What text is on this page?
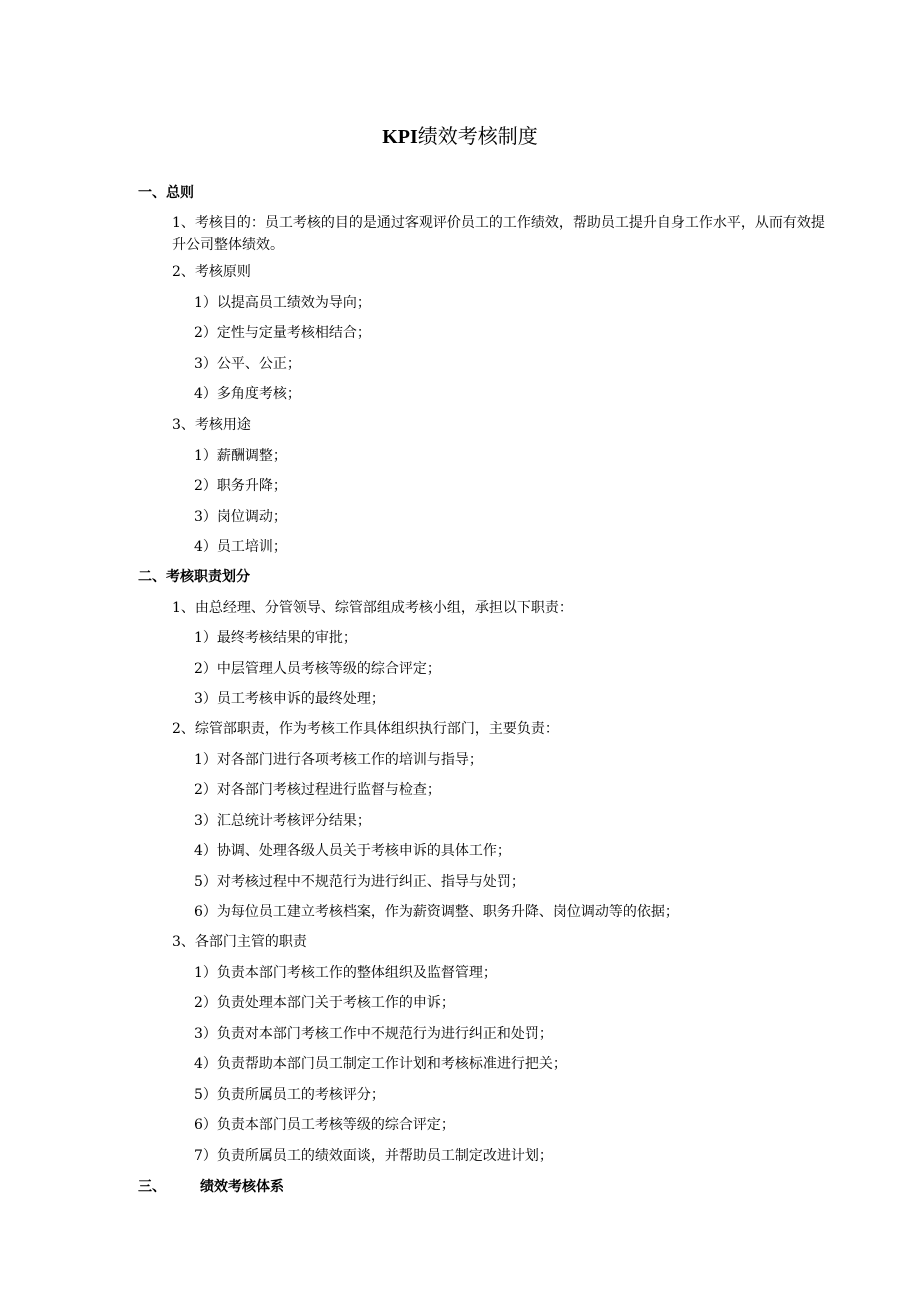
KPI绩效考核制度
一、总则
1、考核目的：员工考核的目的是通过客观评价员工的工作绩效，帮助员工提升自身工作水平，从而有效提升公司整体绩效。
2、考核原则
1）以提高员工绩效为导向；
2）定性与定量考核相结合；
3）公平、公正；
4）多角度考核；
3、考核用途
1）薪酬调整；
2）职务升降；
3）岗位调动；
4）员工培训；
二、考核职责划分
1、由总经理、分管领导、综管部组成考核小组，承担以下职责：
1）最终考核结果的审批；
2）中层管理人员考核等级的综合评定；
3）员工考核申诉的最终处理；
2、综管部职责，作为考核工作具体组织执行部门，主要负责：
1）对各部门进行各项考核工作的培训与指导；
2）对各部门考核过程进行监督与检查；
3）汇总统计考核评分结果；
4）协调、处理各级人员关于考核申诉的具体工作；
5）对考核过程中不规范行为进行纠正、指导与处罚；
6）为每位员工建立考核档案，作为薪资调整、职务升降、岗位调动等的依据；
3、各部门主管的职责
1）负责本部门考核工作的整体组织及监督管理；
2）负责处理本部门关于考核工作的申诉；
3）负责对本部门考核工作中不规范行为进行纠正和处罚；
4）负责帮助本部门员工制定工作计划和考核标准进行把关；
5）负责所属员工的考核评分；
6）负责本部门员工考核等级的综合评定；
7）负责所属员工的绩效面谈，并帮助员工制定改进计划；
三、 绩效考核体系
